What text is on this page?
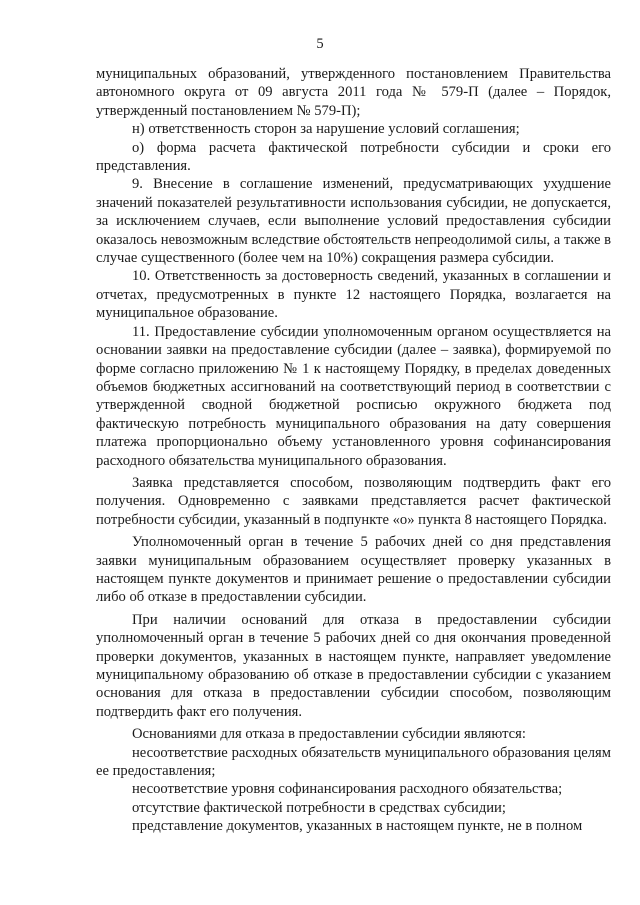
5

муниципальных образований, утвержденного постановлением Правительства автономного округа от 09 августа 2011 года № 579-П (далее – Порядок, утвержденный постановлением № 579-П);

н) ответственность сторон за нарушение условий соглашения;

о) форма расчета фактической потребности субсидии и сроки его представления.

9. Внесение в соглашение изменений, предусматривающих ухудшение значений показателей результативности использования субсидии, не допускается, за исключением случаев, если выполнение условий предоставления субсидии оказалось невозможным вследствие обстоятельств непреодолимой силы, а также в случае существенного (более чем на 10%) сокращения размера субсидии.

10. Ответственность за достоверность сведений, указанных в соглашении и отчетах, предусмотренных в пункте 12 настоящего Порядка, возлагается на муниципальное образование.

11. Предоставление субсидии уполномоченным органом осуществляется на основании заявки на предоставление субсидии (далее – заявка), формируемой по форме согласно приложению № 1 к настоящему Порядку, в пределах доведенных объемов бюджетных ассигнований на соответствующий период в соответствии с утвержденной сводной бюджетной росписью окружного бюджета под фактическую потребность муниципального образования на дату совершения платежа пропорционально объему установленного уровня софинансирования расходного обязательства муниципального образования.

Заявка представляется способом, позволяющим подтвердить факт его получения. Одновременно с заявками представляется расчет фактической потребности субсидии, указанный в подпункте «о» пункта 8 настоящего Порядка.

Уполномоченный орган в течение 5 рабочих дней со дня представления заявки муниципальным образованием осуществляет проверку указанных в настоящем пункте документов и принимает решение о предоставлении субсидии либо об отказе в предоставлении субсидии.

При наличии оснований для отказа в предоставлении субсидии уполномоченный орган в течение 5 рабочих дней со дня окончания проведенной проверки документов, указанных в настоящем пункте, направляет уведомление муниципальному образованию об отказе в предоставлении субсидии с указанием основания для отказа в предоставлении субсидии способом, позволяющим подтвердить факт его получения.

Основаниями для отказа в предоставлении субсидии являются:

несоответствие расходных обязательств муниципального образования целям ее предоставления;

несоответствие уровня софинансирования расходного обязательства;

отсутствие фактической потребности в средствах субсидии;

представление документов, указанных в настоящем пункте, не в полном
